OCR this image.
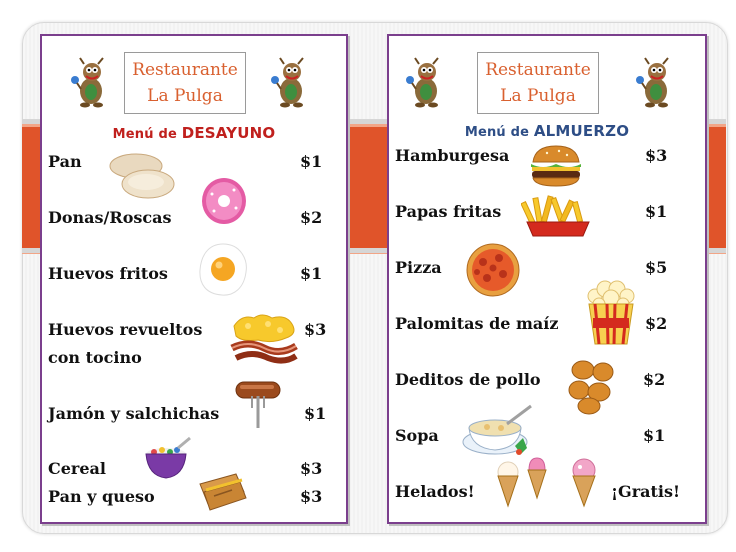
Restaurante
La Pulga
Menú de DESAYUNO
Pan	$1
Donas/Roscas	$2
Huevos fritos	$1
Huevos revueltos
con tocino
$3
Jamón y salchichas	$1
Cereal	$3
Pan y queso	$3
Restaurante
La Pulga
Menú de ALMUERZO
Hamburgesa	$3
Papas fritas	$1
Pizza	$5
Palomitas de maíz	$2
Deditos de pollo	$2
Sopa	$1
Helados!	¡Gratis!
